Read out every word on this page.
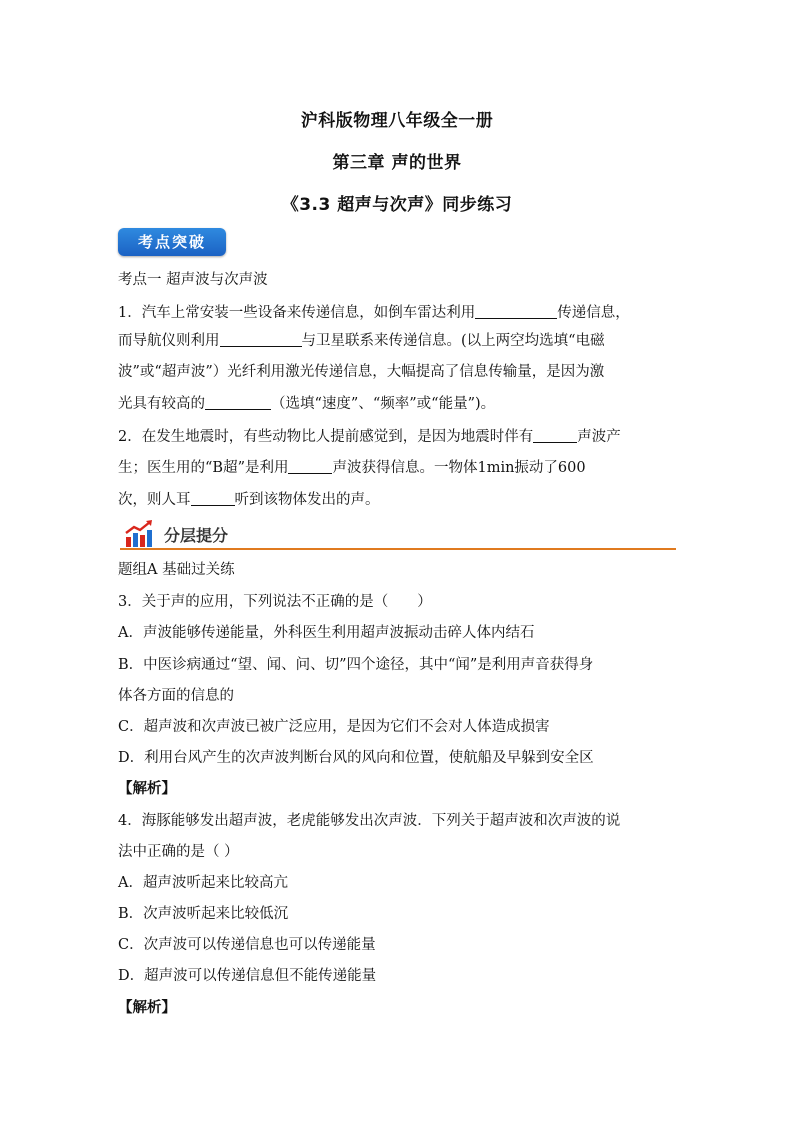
沪科版物理八年级全一册
第三章 声的世界
《3.3 超声与次声》同步练习
考点突破
考点一 超声波与次声波
1．汽车上常安装一些设备来传递信息，如倒车雷达利用	传递信息，
而导航仪则利用	与卫星联系来传递信息。(以上两空均选填“电磁
波”或“超声波”）光纤利用激光传递信息，大幅提高了信息传输量，是因为激
光具有较高的	（选填“速度”、“频率”或“能量”)。
2．在发生地震时，有些动物比人提前感觉到，是因为地震时伴有	声波产
生；医生用的“B超”是利用	声波获得信息。一物体1min振动了600
次，则人耳	听到该物体发出的声。
分层提分
题组A 基础过关练
3．关于声的应用，下列说法不正确的是（　　）
A．声波能够传递能量，外科医生利用超声波振动击碎人体内结石
B．中医诊病通过“望、闻、问、切”四个途径，其中“闻”是利用声音获得身
体各方面的信息的
C．超声波和次声波已被广泛应用，是因为它们不会对人体造成损害
D．利用台风产生的次声波判断台风的风向和位置，使航船及早躲到安全区
【解析】
4．海豚能够发出超声波，老虎能够发出次声波．下列关于超声波和次声波的说
法中正确的是（ ）
A．超声波听起来比较高亢
B．次声波听起来比较低沉
C．次声波可以传递信息也可以传递能量
D．超声波可以传递信息但不能传递能量
【解析】
